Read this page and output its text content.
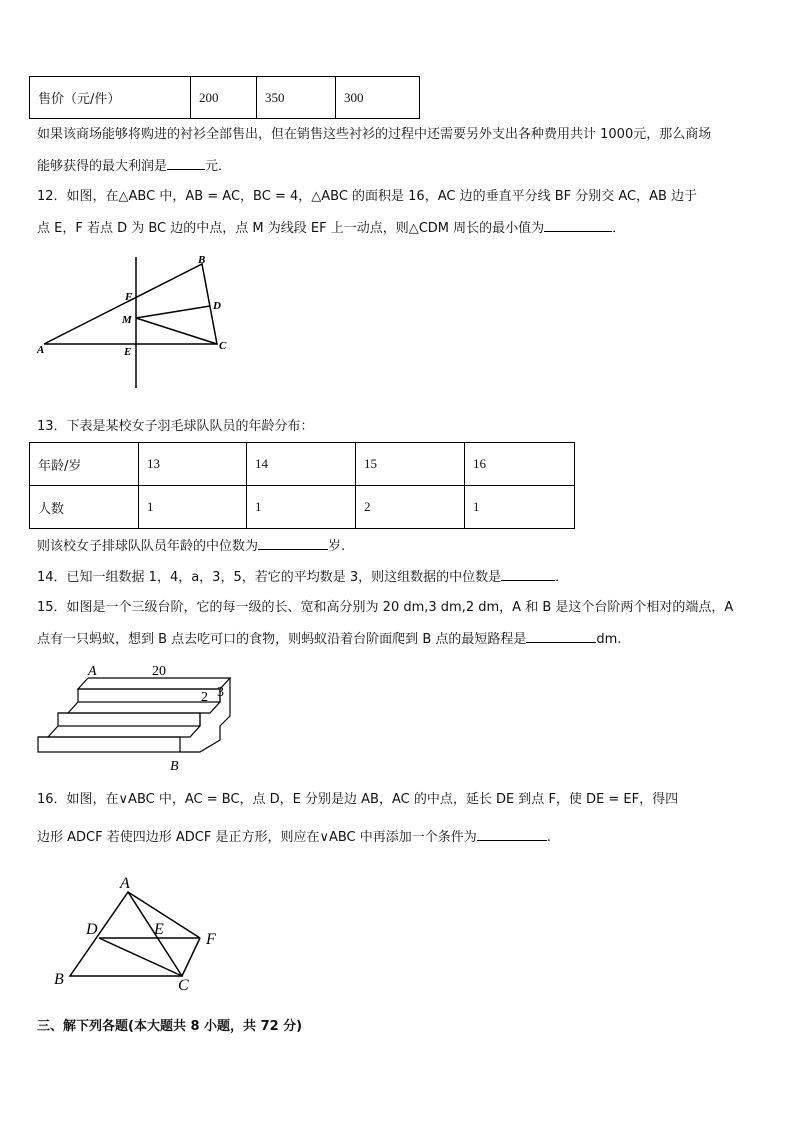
售价（元/件）	200	350	300
如果该商场能够将购进的衬衫全部售出，但在销售这些衬衫的过程中还需要另外支出各种费用共计 1000元，那么商场
能够获得的最大利润是	元．
12．如图，在△ABC 中，AB = AC，BC = 4，△ABC 的面积是 16，AC 边的垂直平分线 BF 分别交 AC，AB 边于
点 E，F 若点 D 为 BC 边的中点，点 M 为线段 EF 上一动点，则△CDM 周长的最小值为	．
A
B
C
D
E
F
M
13．下表是某校女子羽毛球队队员的年龄分布：
年龄/岁	13	14	15	16
人数	1	1	2	1
则该校女子排球队队员年龄的中位数为	岁.
14．已知一组数据 1，4，a，3，5，若它的平均数是 3，则这组数据的中位数是	．
15．如图是一个三级台阶，它的每一级的长、宽和高分别为 20 dm,3 dm,2 dm，A 和 B 是这个台阶两个相对的端点，A
点有一只蚂蚁，想到 B 点去吃可口的食物，则蚂蚁沿着台阶面爬到 B 点的最短路程是	dm.
A
B
20
2 3
16．如图，在∨ABC 中，AC = BC，点 D，E 分别是边 AB，AC 的中点，延长 DE 到点 F，使 DE = EF，得四
边形 ADCF 若使四边形 ADCF 是正方形，则应在∨ABC 中再添加一个条件为	.
A
B	C
D	E
F
三、解下列各题(本大题共 8 小题，共 72 分)
